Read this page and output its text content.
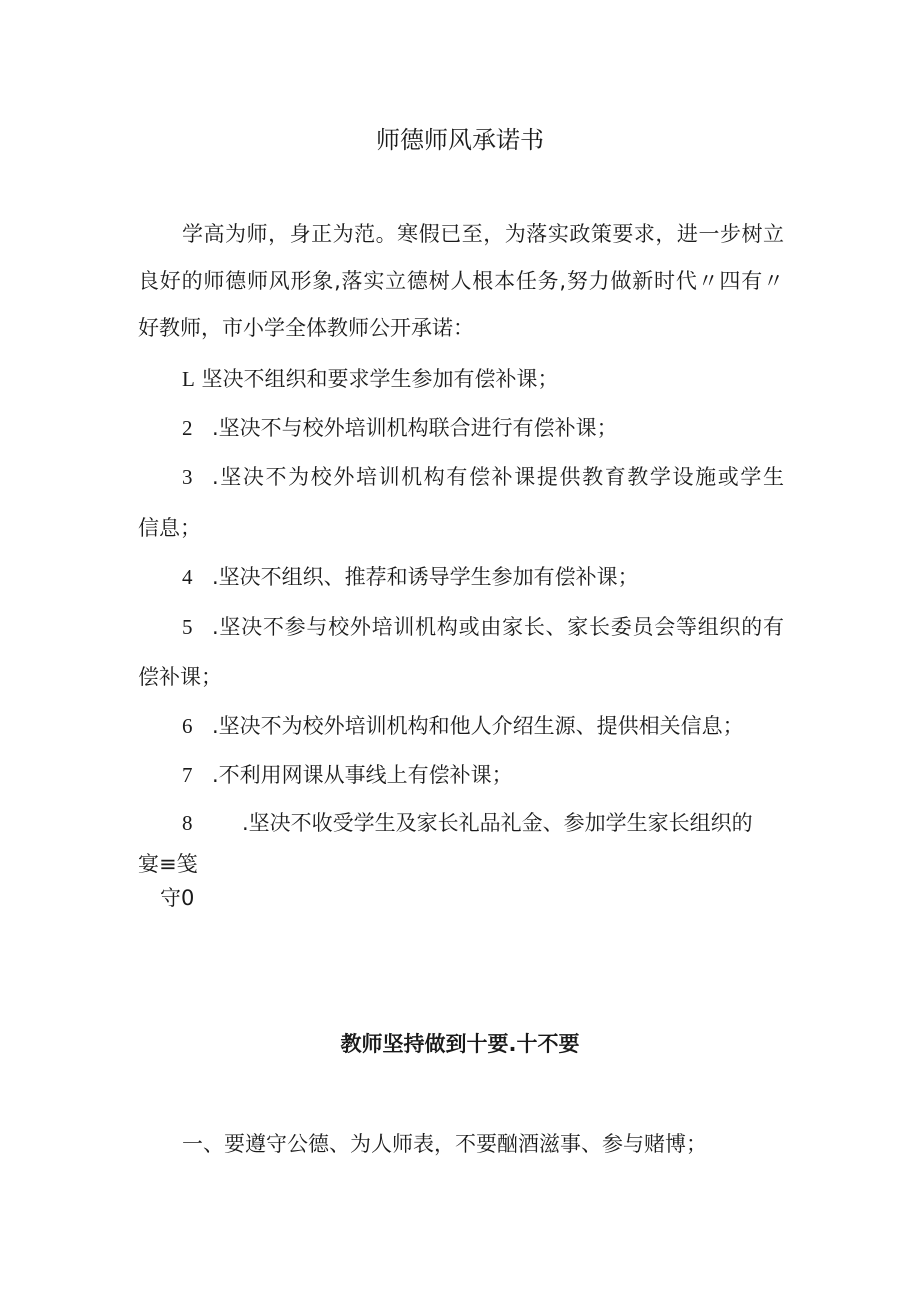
师德师风承诺书
学高为师，身正为范。寒假已至，为落实政策要求，进一步树立
良好的师德师风形象,落实立德树人根本任务,努力做新时代〃四有〃
好教师，市小学全体教师公开承诺：
L 坚决不组织和要求学生参加有偿补课；
2 .坚决不与校外培训机构联合进行有偿补课；
3 .坚决不为校外培训机构有偿补课提供教育教学设施或学生
信息；
4 .坚决不组织、推荐和诱导学生参加有偿补课；
5 .坚决不参与校外培训机构或由家长、家长委员会等组织的有
偿补课；
6 .坚决不为校外培训机构和他人介绍生源、提供相关信息；
7 .不利用网课从事线上有偿补课；
8 .坚决不收受学生及家长礼品礼金、参加学生家长组织的
宴≡笺
守0
教师坚持做到十要.十不要
一、要遵守公德、为人师表，不要酗酒滋事、参与赌博；
